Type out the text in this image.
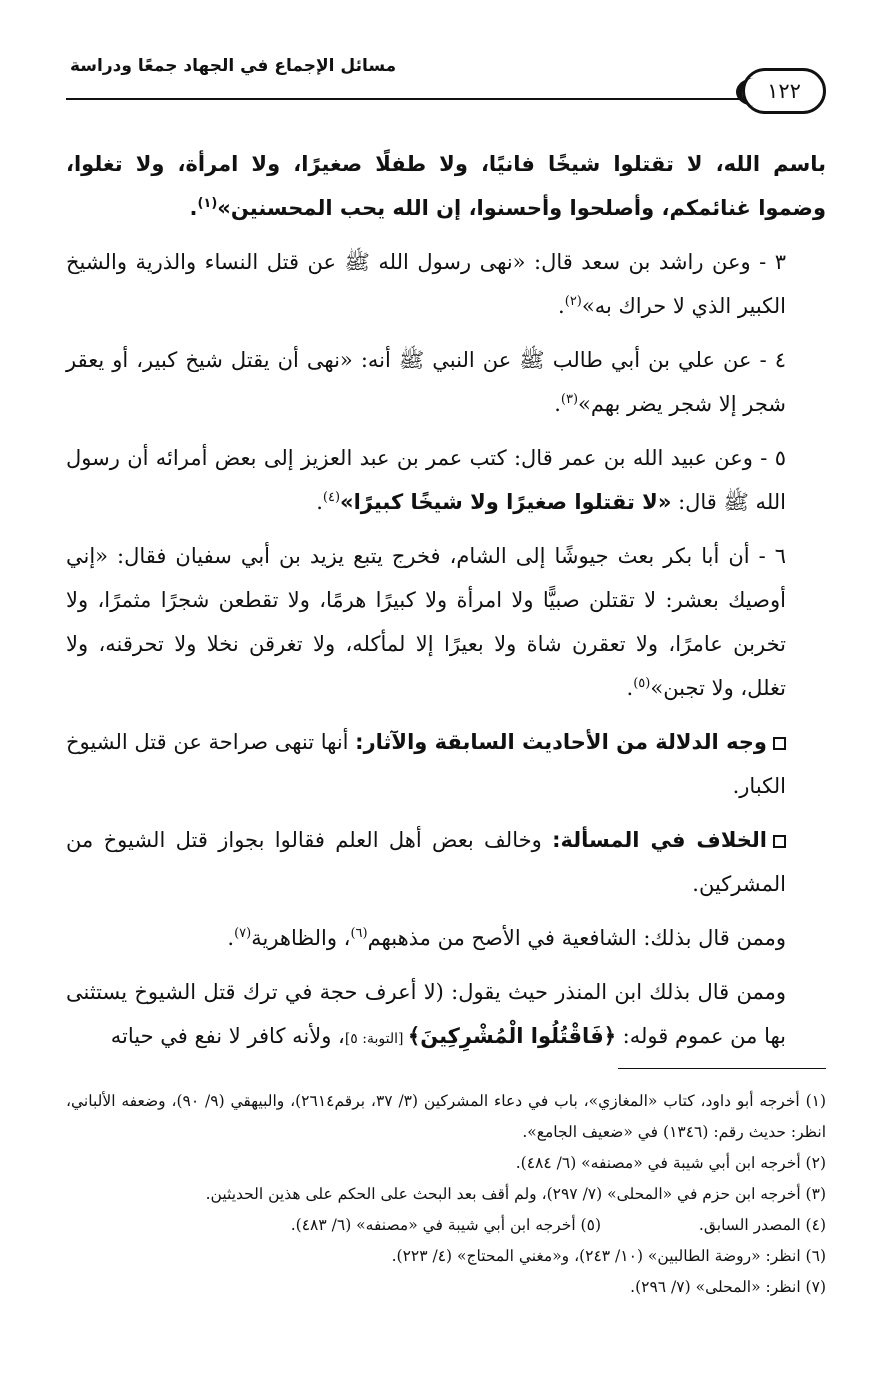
مسائل الإجماع في الجهاد جمعًا ودراسة
١٢٢

باسم الله، لا تقتلوا شيخًا فانيًا، ولا طفلًا صغيرًا، ولا امرأة، ولا تغلوا، وضموا غنائمكم، وأصلحوا وأحسنوا، إن الله يحب المحسنين»$^{(١)}$.

٣ - وعن راشد بن سعد قال: «نهى رسول الله ﷺ عن قتل النساء والذرية والشيخ الكبير الذي لا حراك به»$^{(٢)}$.

٤ - عن علي بن أبي طالب ﷺ عن النبي ﷺ أنه: «نهى أن يقتل شيخ كبير، أو يعقر شجر إلا شجر يضر بهم»$^{(٣)}$.

٥ - وعن عبيد الله بن عمر قال: كتب عمر بن عبد العزيز إلى بعض أمرائه أن رسول الله ﷺ قال: «لا تقتلوا صغيرًا ولا شيخًا كبيرًا»$^{(٤)}$.

٦ - أن أبا بكر بعث جيوشًا إلى الشام، فخرج يتبع يزيد بن أبي سفيان فقال: «إني أوصيك بعشر: لا تقتلن صبيًّا ولا امرأة ولا كبيرًا هرمًا، ولا تقطعن شجرًا مثمرًا، ولا تخربن عامرًا، ولا تعقرن شاة ولا بعيرًا إلا لمأكله، ولا تغرقن نخلا ولا تحرقنه، ولا تغلل، ولا تجبن»$^{(٥)}$.

وجه الدلالة من الأحاديث السابقة والآثار: أنها تنهى صراحة عن قتل الشيوخ الكبار.

الخلاف في المسألة: وخالف بعض أهل العلم فقالوا بجواز قتل الشيوخ من المشركين.

وممن قال بذلك: الشافعية في الأصح من مذهبهم$^{(٦)}$، والظاهرية$^{(٧)}$.

وممن قال بذلك ابن المنذر حيث يقول: (لا أعرف حجة في ترك قتل الشيوخ يستثنى بها من عموم قوله: ﴿فَاقْتُلُوا الْمُشْرِكِينَ﴾ [التوبة: ٥]، ولأنه كافر لا نفع في حياته

(١) أخرجه أبو داود، كتاب «المغازي»، باب في دعاء المشركين (٣/ ٣٧، برقم٢٦١٤)، والبيهقي (٩/ ٩٠)، وضعفه الألباني، انظر: حديث رقم: (١٣٤٦) في «ضعيف الجامع».

(٢) أخرجه ابن أبي شيبة في «مصنفه» (٦/ ٤٨٤).

(٣) أخرجه ابن حزم في «المحلى» (٧/ ٢٩٧)، ولم أقف بعد البحث على الحكم على هذين الحديثين.

(٤) المصدر السابق.
(٥) أخرجه ابن أبي شيبة في «مصنفه» (٦/ ٤٨٣).

(٦) انظر: «روضة الطالبين» (١٠/ ٢٤٣)، و«مغني المحتاج» (٤/ ٢٢٣).

(٧) انظر: «المحلى» (٧/ ٢٩٦).
